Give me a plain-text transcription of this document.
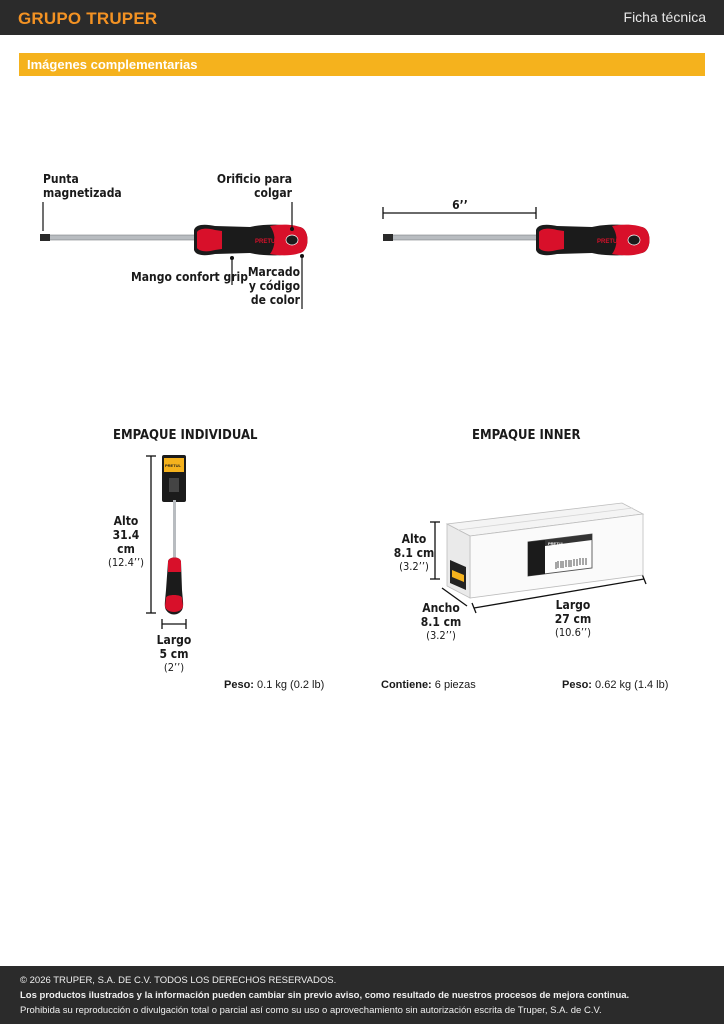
GRUPO TRUPER	Ficha técnica
Imágenes complementarias
PRETUL	PRETUL
PRETUL
PRETUL
Punta
magnetizada
Orificio para
colgar
Mango confort grip Marcado
y código
de color
6’’
EMPAQUE INDIVIDUAL
Alto
31.4 cm
(12.4’’)
Largo
5 cm
(2’’)
Peso: 0.1 kg (0.2 lb)
EMPAQUE INNER
Alto
8.1 cm
(3.2’’)
Ancho
8.1 cm
(3.2’’)
Largo
27 cm
(10.6’’)
Contiene: 6 piezas	Peso: 0.62 kg (1.4 lb)
© 2026 TRUPER, S.A. DE C.V. TODOS LOS DERECHOS RESERVADOS.
Los productos ilustrados y la información pueden cambiar sin previo aviso, como resultado de nuestros procesos de mejora continua.
Prohibida su reproducción o divulgación total o parcial así como su uso o aprovechamiento sin autorización escrita de Truper, S.A. de C.V.
